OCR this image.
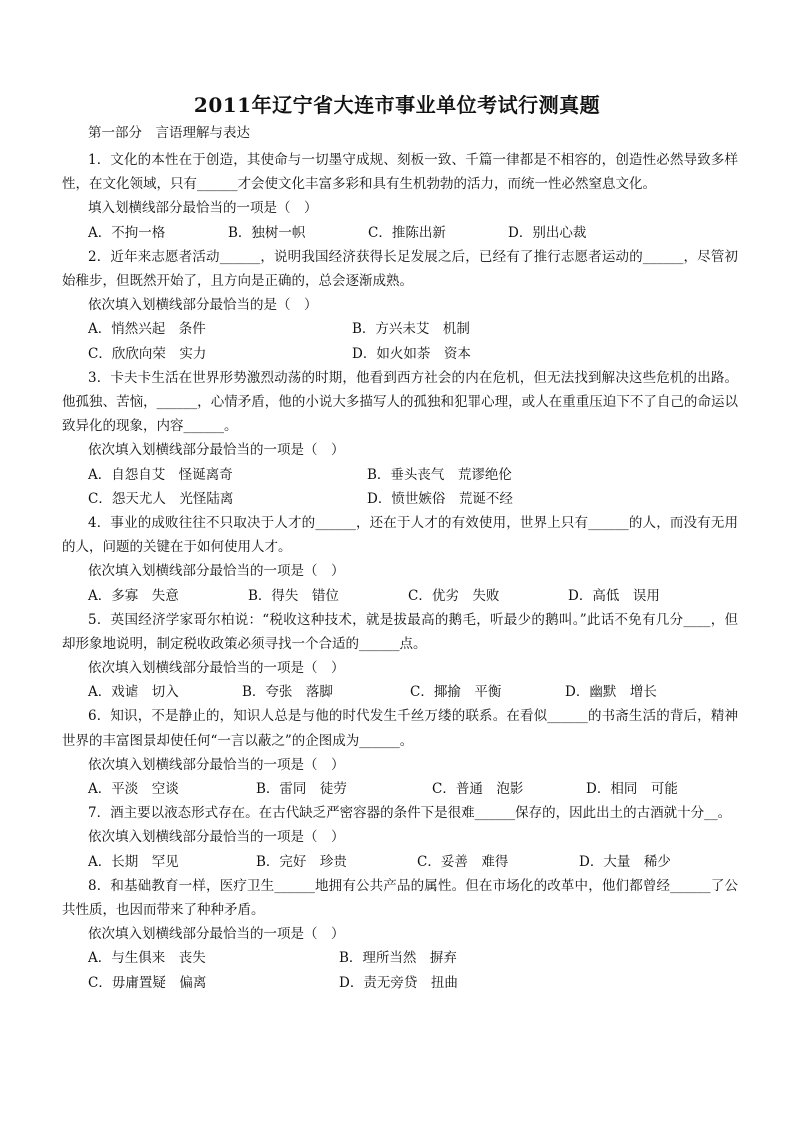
2011年辽宁省大连市事业单位考试行测真题
第一部分　言语理解与表达

1．文化的本性在于创造，其使命与一切墨守成规、刻板一致、千篇一律都是不相容的，创造性必然导致多样性，在文化领域，只有______才会使文化丰富多彩和具有生机勃勃的活力，而统一性必然窒息文化。

填入划横线部分最恰当的一项是（　）
A．不拘一格	B．独树一帜	C．推陈出新	D．别出心裁

2．近年来志愿者活动______，说明我国经济获得长足发展之后，已经有了推行志愿者运动的______，尽管初始稚步，但既然开始了，且方向是正确的，总会逐渐成熟。

依次填入划横线部分最恰当的是（　）
A．悄然兴起　条件	B．方兴未艾　机制
C．欣欣向荣　实力	D．如火如荼　资本

3．卡夫卡生活在世界形势激烈动荡的时期，他看到西方社会的内在危机，但无法找到解决这些危机的出路。他孤独、苦恼，______，心情矛盾，他的小说大多描写人的孤独和犯罪心理，或人在重重压迫下不了自己的命运以致异化的现象，内容______。

依次填入划横线部分最恰当的一项是（　）
A．自怨自艾　怪诞离奇	B．垂头丧气　荒谬绝伦
C．怨天尤人　光怪陆离	D．愤世嫉俗　荒诞不经

4．事业的成败往往不只取决于人才的______，还在于人才的有效使用，世界上只有______的人，而没有无用的人，问题的关键在于如何使用人才。

依次填入划横线部分最恰当的一项是（　）
A．多寡　失意	B．得失　错位	C．优劣　失败	D．高低　误用

5．英国经济学家哥尔柏说：“税收这种技术，就是拔最高的鹅毛，听最少的鹅叫。”此话不免有几分____，但却形象地说明，制定税收政策必须寻找一个合适的______点。

依次填入划横线部分最恰当的一项是（　）
A．戏谑　切入	B．夸张　落脚	C．揶揄　平衡	D．幽默　增长

6．知识，不是静止的，知识人总是与他的时代发生千丝万缕的联系。在看似______的书斋生活的背后，精神世界的丰富图景却使任何“一言以蔽之”的企图成为______。

依次填入划横线部分最恰当的一项是（　）
A．平淡　空谈	B．雷同　徒劳	C．普通　泡影	D．相同　可能

7．酒主要以液态形式存在。在古代缺乏严密容器的条件下是很难______保存的，因此出土的古酒就十分__。

依次填入划横线部分最恰当的一项是（　）
A．长期　罕见	B．完好　珍贵	C．妥善　难得	D．大量　稀少

8．和基础教育一样，医疗卫生______地拥有公共产品的属性。但在市场化的改革中，他们都曾经______了公共性质，也因而带来了种种矛盾。

依次填入划横线部分最恰当的一项是（　）
A．与生俱来　丧失	B．理所当然　摒弃
C．毋庸置疑　偏离	D．责无旁贷　扭曲
